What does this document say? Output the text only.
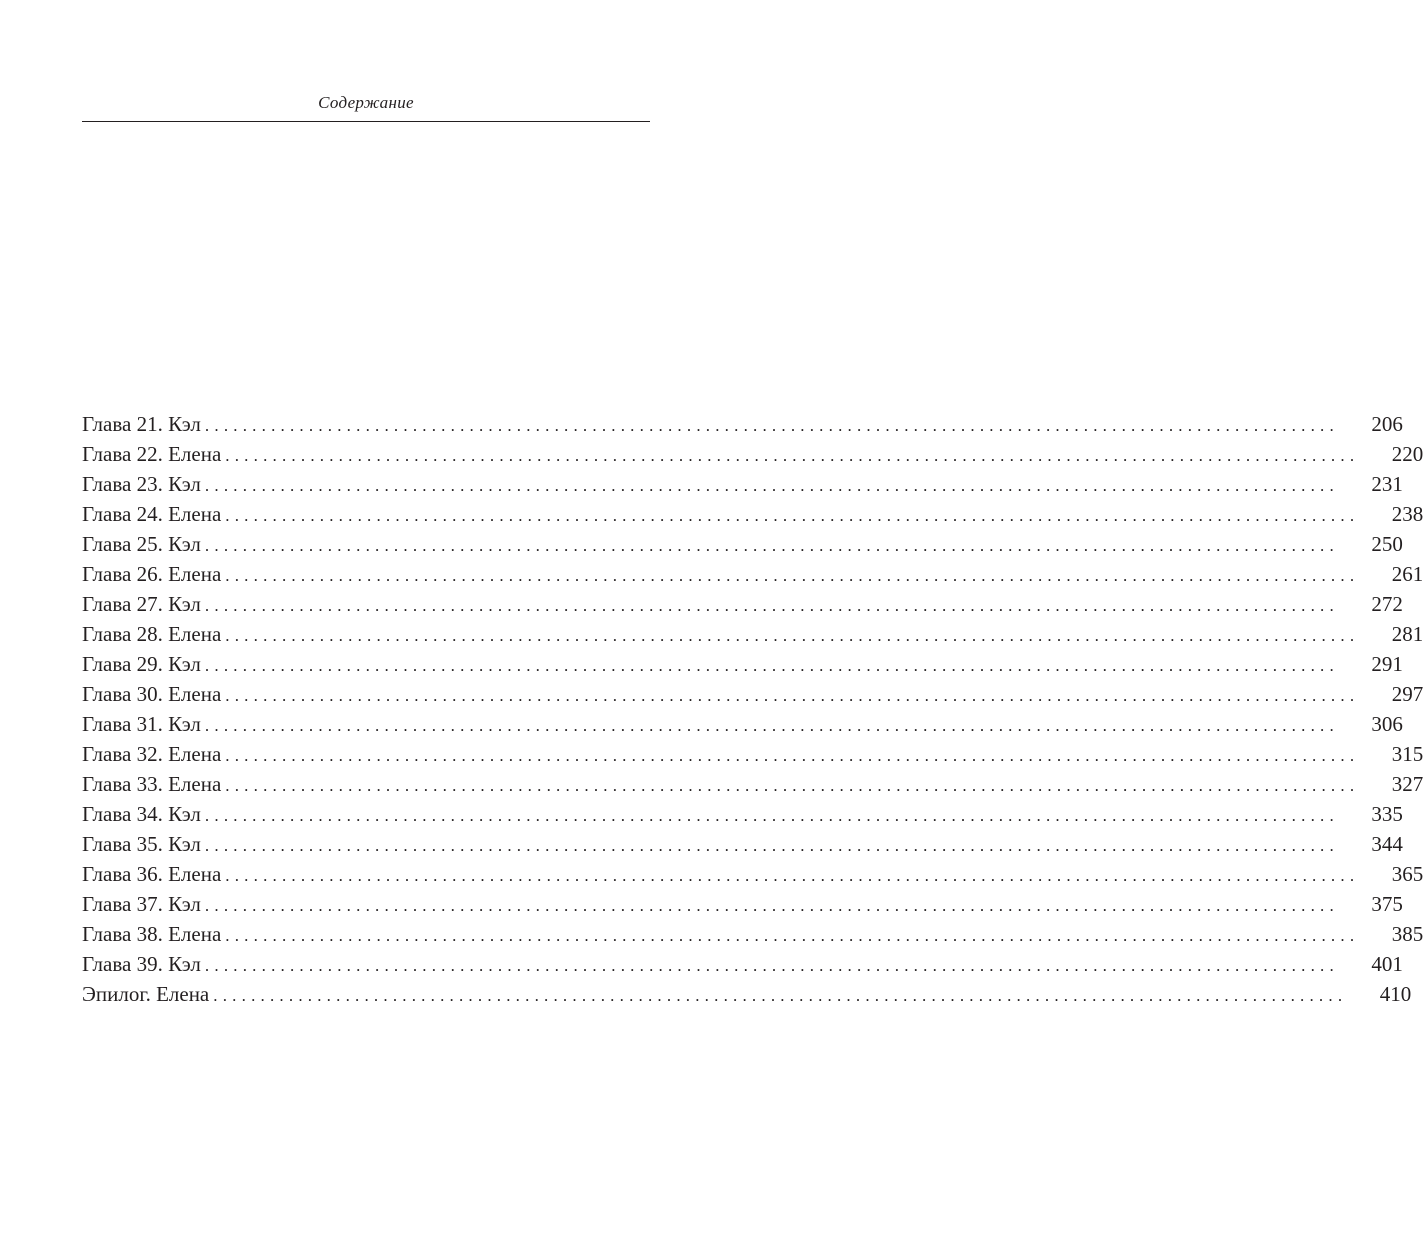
Содержание
Глава 21. Кэл ........................................................................................................................	206
Глава 22. Елена ........................................................................................................................	220
Глава 23. Кэл ........................................................................................................................	231
Глава 24. Елена ........................................................................................................................	238
Глава 25. Кэл ........................................................................................................................	250
Глава 26. Елена ........................................................................................................................	261
Глава 27. Кэл ........................................................................................................................	272
Глава 28. Елена ........................................................................................................................	281
Глава 29. Кэл ........................................................................................................................	291
Глава 30. Елена ........................................................................................................................	297
Глава 31. Кэл ........................................................................................................................	306
Глава 32. Елена ........................................................................................................................	315
Глава 33. Елена ........................................................................................................................	327
Глава 34. Кэл ........................................................................................................................	335
Глава 35. Кэл ........................................................................................................................	344
Глава 36. Елена ........................................................................................................................	365
Глава 37. Кэл ........................................................................................................................	375
Глава 38. Елена ........................................................................................................................	385
Глава 39. Кэл ........................................................................................................................	401
Эпилог. Елена ........................................................................................................................	410
